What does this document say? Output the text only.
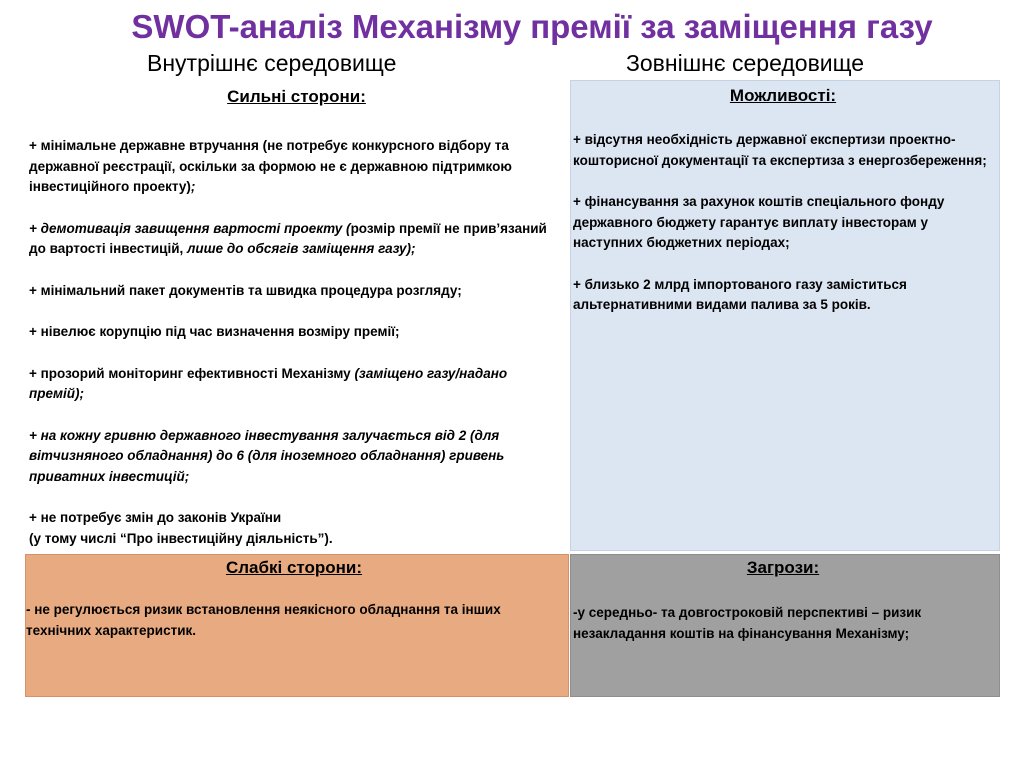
SWOT-аналіз Механізму премії за заміщення газу
Внутрішнє середовище	Зовнішнє середовище
Сильні сторони:
+ мінімальне державне втручання (не потребує конкурсного відбору та державної реєстрації, оскільки за формою не є державною підтримкою інвестиційного проекту);
+ демотивація завищення вартості проекту (розмір премії не прив’язаний до вартості інвестицій, лише до обсягів заміщення газу);
+ мінімальний пакет документів та швидка процедура розгляду;
+ нівелює корупцію під час визначення возміру премії;
+ прозорий моніторинг ефективності Механізму (заміщено газу/надано премій);
+ на кожну гривню державного інвестування залучається від 2 (для вітчизняного обладнання) до 6 (для іноземного обладнання) гривень приватних інвестицій;
+ не потребує змін до законів України
(у тому числі “Про інвестиційну діяльність”).
Можливості:
+ відсутня необхідність державної експертизи проектно-кошторисної документації та експертиза з енергозбереження;
+ фінансування за рахунок коштів спеціального фонду державного бюджету гарантує виплату інвесторам у наступних бюджетних періодах;
+ близько 2 млрд імпортованого газу заміститься альтернативними видами палива за 5 років.
Слабкі сторони:
- не регулюється ризик встановлення неякісного обладнання та інших технічних характеристик.
Загрози:
-у середньо- та довгостроковій перспективі – ризик незакладання коштів на фінансування Механізму;
